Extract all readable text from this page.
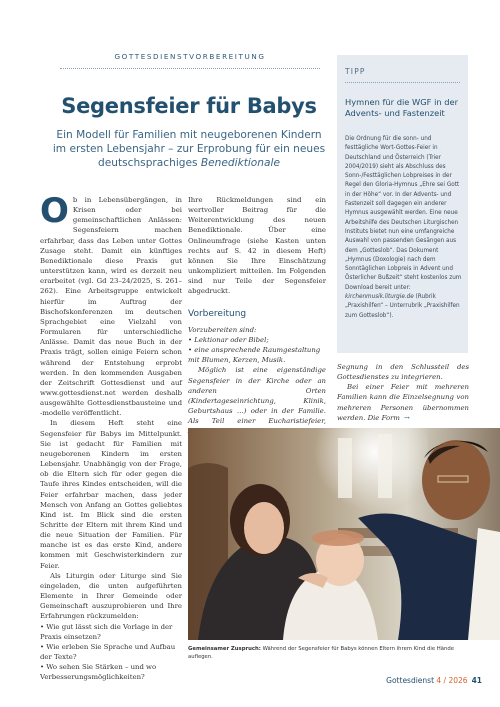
GOTTESDIENSTVORBEREITUNG
Segensfeier für Babys
Ein Modell für Familien mit neugeborenen Kindern
im ersten Lebensjahr – zur Erprobung für ein neues
deutschsprachiges Benediktionale

Ob in Lebensübergängen, in Krisen oder bei gemeinschaftlichen Anlässen: Segensfeiern machen erfahrbar, dass das Leben unter Gottes Zusage steht. Damit ein künftiges Benediktionale diese Praxis gut unterstützen kann, wird es derzeit neu erarbeitet (vgl. Gd 23–24/2025, S. 261–262). Eine Arbeitsgruppe entwickelt hierfür im Auftrag der Bischofskonferenzen im deutschen Sprachgebiet eine Vielzahl von Formularen für unterschiedliche Anlässe. Damit das neue Buch in der Praxis trägt, sollen einige Feiern schon während der Entstehung erprobt werden. In den kommenden Ausgaben der Zeitschrift Gottesdienst und auf www.gottesdienst.net werden deshalb ausgewählte Gottesdienstbausteine und -modelle veröffentlicht.

In diesem Heft steht eine Segensfeier für Babys im Mittelpunkt. Sie ist gedacht für Familien mit neugeborenen Kindern im ersten Lebensjahr. Unabhängig von der Frage, ob die Eltern sich für oder gegen die Taufe ihres Kindes entscheiden, will die Feier erfahrbar machen, dass jeder Mensch von Anfang an Gottes geliebtes Kind ist. Im Blick sind die ersten Schritte der Eltern mit ihrem Kind und die neue Situation der Familien. Für manche ist es das erste Kind, andere kommen mit Geschwisterkindern zur Feier.

Als Liturgin oder Liturge sind Sie eingeladen, die unten aufgeführten Elemente in Ihrer Gemeinde oder Gemeinschaft auszuprobieren und Ihre Erfahrungen rückzumelden:

• Wie gut lässt sich die Vorlage in der Praxis einsetzen?
• Wie erleben Sie Sprache und Aufbau der Texte?
• Wo sehen Sie Stärken – und wo Verbesserungsmöglichkeiten?

Ihre Rückmeldungen sind ein wertvoller Beitrag für die Weiterentwicklung des neuen Benediktionale. Über eine Onlineumfrage (siehe Kasten unten rechts auf S. 42 in diesem Heft) können Sie Ihre Einschätzung unkompliziert mitteilen. Im Folgenden sind nur Teile der Segensfeier abgedruckt.

Vorbereitung
Vorzubereiten sind:
• Lektionar oder Bibel;
• eine ansprechende Raumgestaltung mit Blumen, Kerzen, Musik.

Möglich ist eine eigenständige Segensfeier in der Kirche oder an anderen Orten (Kindertageseinrichtung, Klinik, Geburtshaus …) oder in der Familie. Als Teil einer Eucharistiefeier,

TIPP
Hymnen für die WGF in der Advents- und Fastenzeit
Die Ordnung für die sonn- und festtägliche Wort-Gottes-Feier in Deutschland und Österreich (Trier 2004/2019) sieht als Abschluss des Sonn-/Festtäglichen Lobpreises in der Regel den Gloria-Hymnus „Ehre sei Gott in der Höhe“ vor. In der Advents- und Fastenzeit soll dagegen ein anderer Hymnus ausgewählt werden. Eine neue Arbeitshilfe des Deutschen Liturgischen Instituts bietet nun eine umfangreiche Auswahl von passenden Gesängen aus dem „Gotteslob“. Das Dokument „Hymnus (Doxologie) nach dem Sonntäglichen Lobpreis in Advent und Österlicher Bußzeit“ steht kostenlos zum Download bereit unter: kirchenmusik.liturgie.de (Rubrik „Praxishilfen“ – Unterrubrik „Praxishilfen zum Gotteslob“).

Segnung in den Schlussteil des Gottesdienstes zu integrieren.

Bei einer Feier mit mehreren Familien kann die Einzelsegnung von mehreren Personen übernommen werden. Die Form →

Gemeinsamer Zuspruch: Während der Segensfeier für Babys können Eltern ihrem Kind die Hände auflegen.
Gottesdienst 4 / 2026 41
